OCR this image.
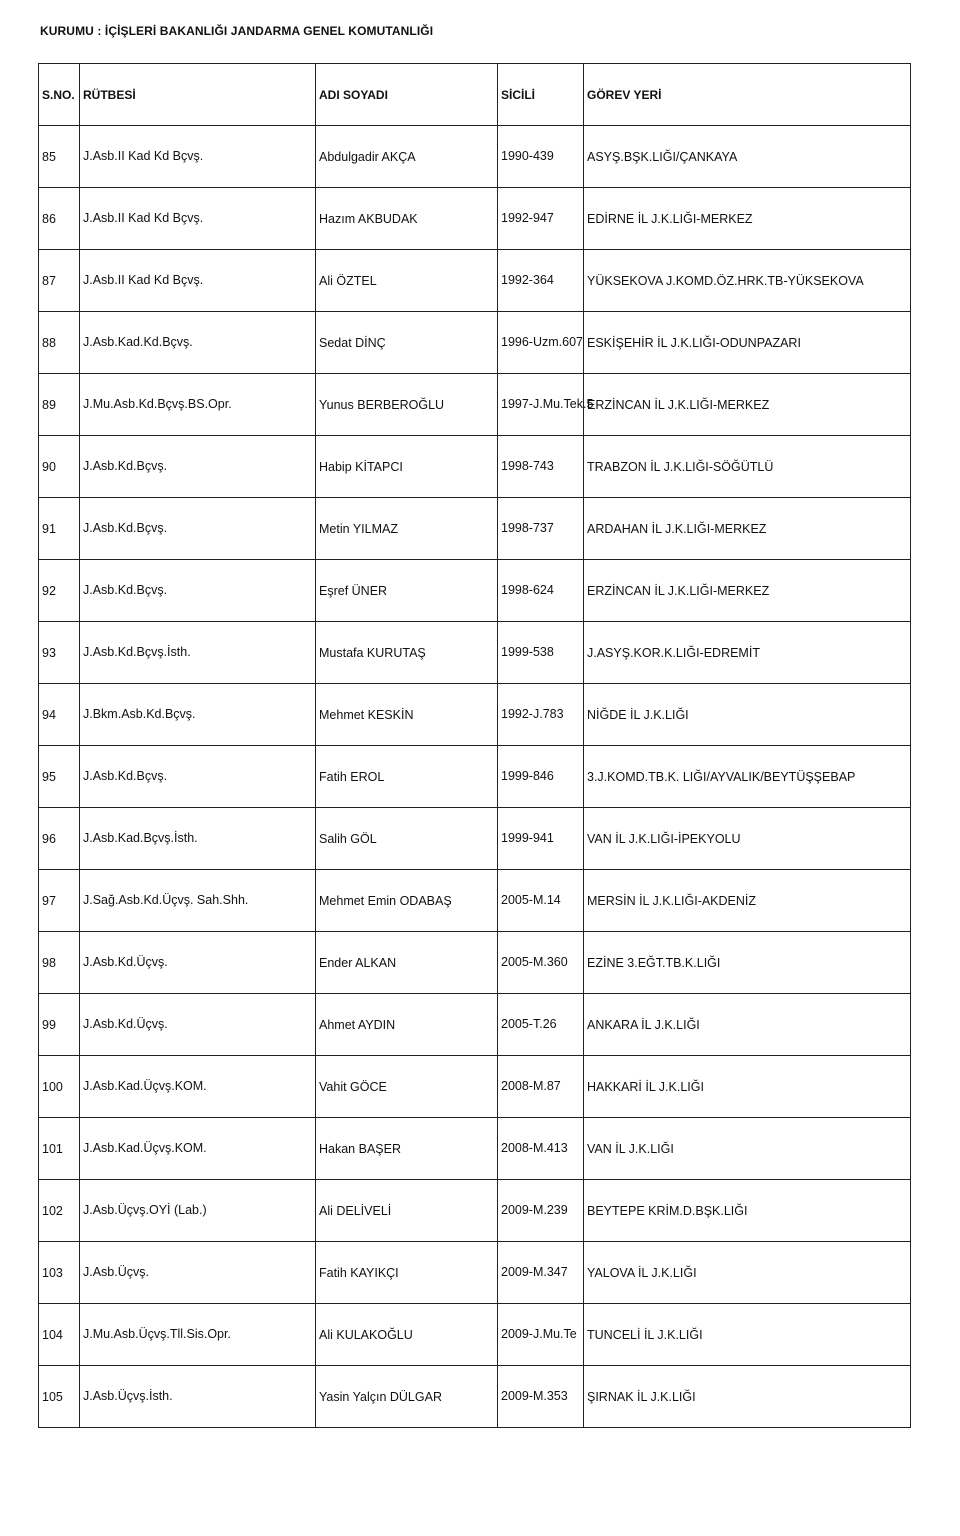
KURUMU : İÇİŞLERİ BAKANLIĞI JANDARMA GENEL KOMUTANLIĞI
S.NO.	RÜTBESİ	ADI SOYADI	SİCİLİ	GÖREV YERİ
85	J.Asb.II Kad Kd Bçvş.	Abdulgadir AKÇA	1990-439	ASYŞ.BŞK.LIĞI/ÇANKAYA
86	J.Asb.II Kad Kd Bçvş.	Hazım AKBUDAK	1992-947	EDİRNE İL J.K.LIĞI-MERKEZ
87	J.Asb.II Kad Kd Bçvş.	Ali ÖZTEL	1992-364	YÜKSEKOVA J.KOMD.ÖZ.HRK.TB-YÜKSEKOVA
88	J.Asb.Kad.Kd.Bçvş.	Sedat DİNÇ	1996-Uzm.607	ESKİŞEHİR İL J.K.LIĞI-ODUNPAZARI
89	J.Mu.Asb.Kd.Bçvş.BS.Opr.	Yunus BERBEROĞLU	1997-J.Mu.Tek.5	ERZİNCAN İL J.K.LIĞI-MERKEZ
90	J.Asb.Kd.Bçvş.	Habip KİTAPCI	1998-743	TRABZON İL J.K.LIĞI-SÖĞÜTLÜ
91	J.Asb.Kd.Bçvş.	Metin YILMAZ	1998-737	ARDAHAN İL J.K.LIĞI-MERKEZ
92	J.Asb.Kd.Bçvş.	Eşref ÜNER	1998-624	ERZİNCAN İL J.K.LIĞI-MERKEZ
93	J.Asb.Kd.Bçvş.İsth.	Mustafa KURUTAŞ	1999-538	J.ASYŞ.KOR.K.LIĞI-EDREMİT
94	J.Bkm.Asb.Kd.Bçvş.	Mehmet KESKİN	1992-J.783	NİĞDE İL J.K.LIĞI
95	J.Asb.Kd.Bçvş.	Fatih EROL	1999-846	3.J.KOMD.TB.K. LIĞI/AYVALIK/BEYTÜŞŞEBAP
96	J.Asb.Kad.Bçvş.İsth.	Salih GÖL	1999-941	VAN İL J.K.LIĞI-İPEKYOLU
97	J.Sağ.Asb.Kd.Üçvş. Sah.Shh.	Mehmet Emin ODABAŞ	2005-M.14	MERSİN İL J.K.LIĞI-AKDENİZ
98	J.Asb.Kd.Üçvş.	Ender ALKAN	2005-M.360	EZİNE 3.EĞT.TB.K.LIĞI
99	J.Asb.Kd.Üçvş.	Ahmet AYDIN	2005-T.26	ANKARA İL J.K.LIĞI
100	J.Asb.Kad.Üçvş.KOM.	Vahit GÖCE	2008-M.87	HAKKARİ İL J.K.LIĞI
101	J.Asb.Kad.Üçvş.KOM.	Hakan BAŞER	2008-M.413	VAN İL J.K.LIĞI
102	J.Asb.Üçvş.OYİ (Lab.)	Ali DELİVELİ	2009-M.239	BEYTEPE KRİM.D.BŞK.LIĞI
103	J.Asb.Üçvş.	Fatih KAYIKÇI	2009-M.347	YALOVA İL J.K.LIĞI
104	J.Mu.Asb.Üçvş.Tll.Sis.Opr.	Ali KULAKOĞLU	2009-J.Mu.Te	TUNCELİ İL J.K.LIĞI
105	J.Asb.Üçvş.İsth.	Yasin Yalçın DÜLGAR	2009-M.353	ŞIRNAK İL J.K.LIĞI
